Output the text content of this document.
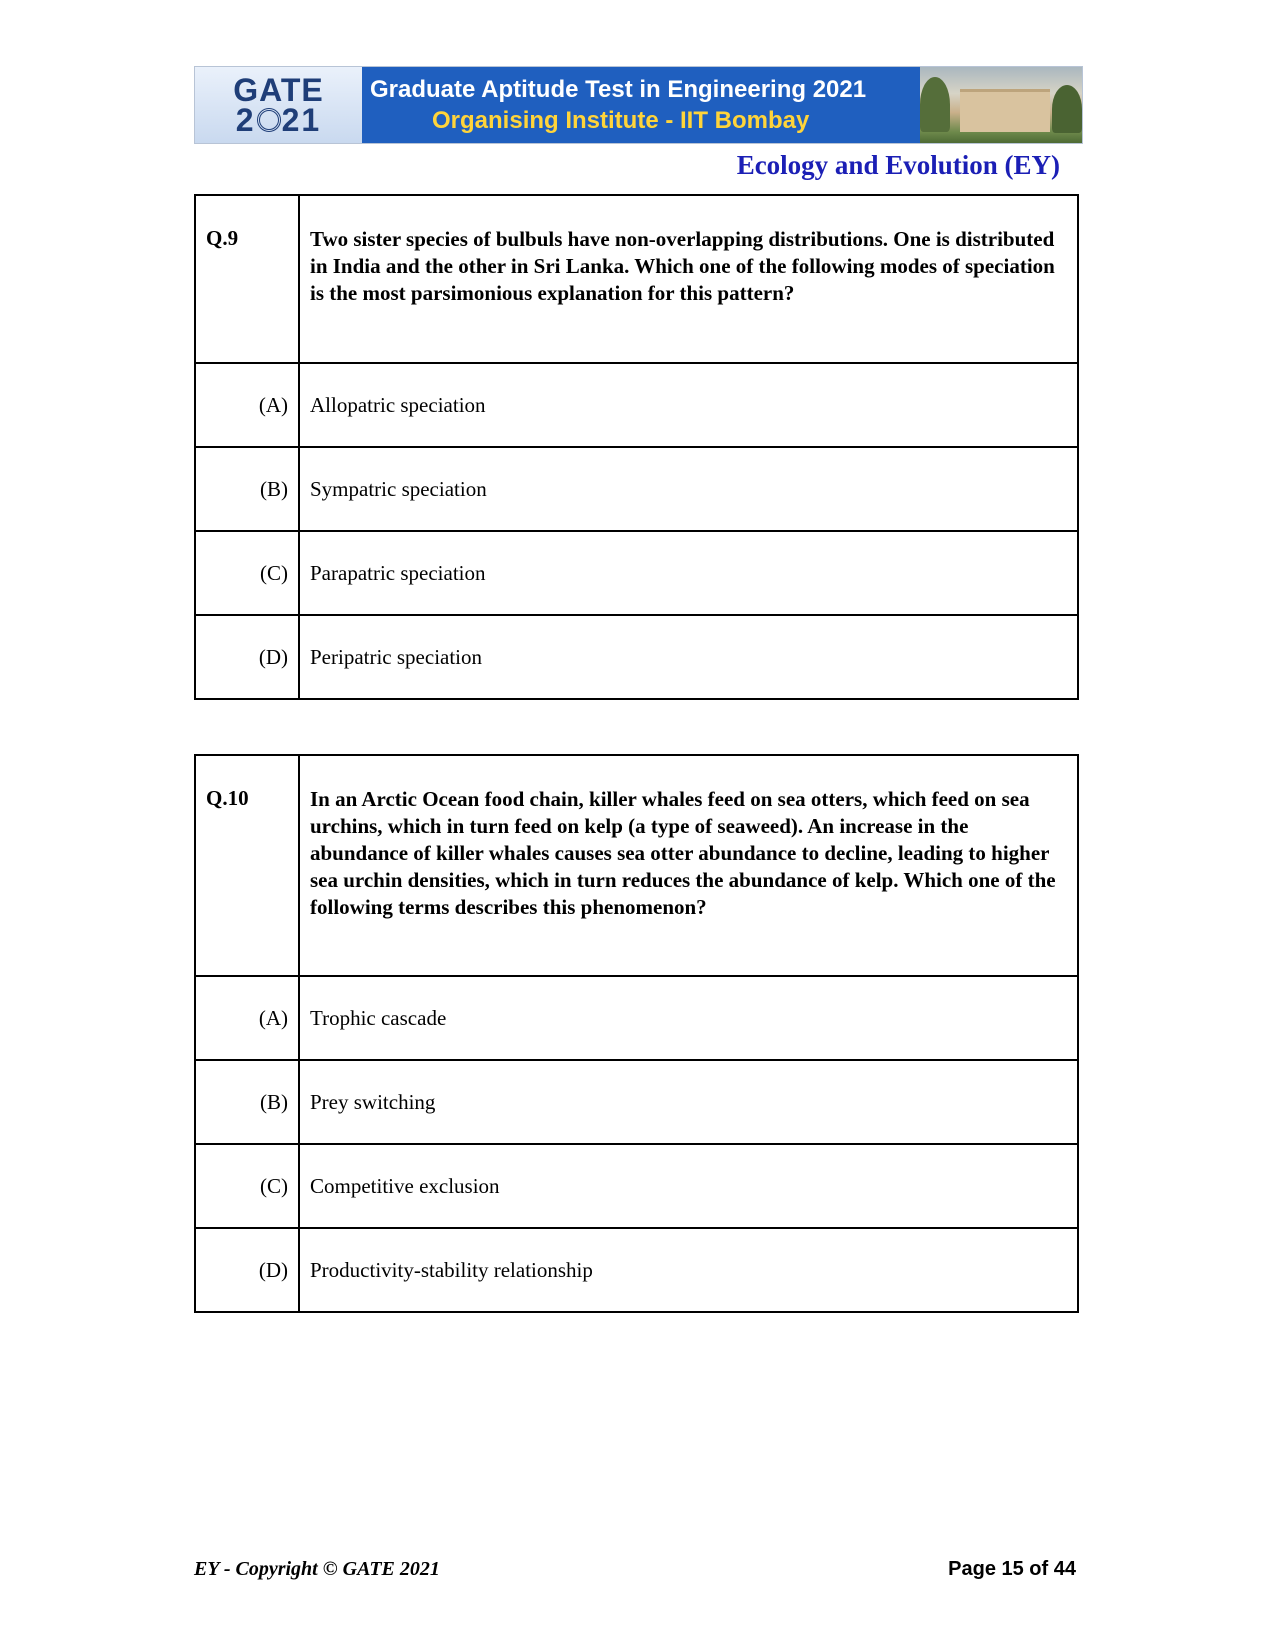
GATE
2 21
Graduate Aptitude Test in Engineering 2021
Organising Institute - IIT Bombay
Ecology and Evolution (EY)
Q.9	Two sister species of bulbuls have non-overlapping distributions. One is distributed in India and the other in Sri Lanka. Which one of the following modes of speciation is the most parsimonious explanation for this pattern?
(A)	Allopatric speciation
(B)	Sympatric speciation
(C)	Parapatric speciation
(D)	Peripatric speciation
Q.10	In an Arctic Ocean food chain, killer whales feed on sea otters, which feed on sea urchins, which in turn feed on kelp (a type of seaweed). An increase in the abundance of killer whales causes sea otter abundance to decline, leading to higher sea urchin densities, which in turn reduces the abundance of kelp. Which one of the following terms describes this phenomenon?
(A)	Trophic cascade
(B)	Prey switching
(C)	Competitive exclusion
(D)	Productivity-stability relationship
EY - Copyright © GATE 2021	Page 15 of 44
